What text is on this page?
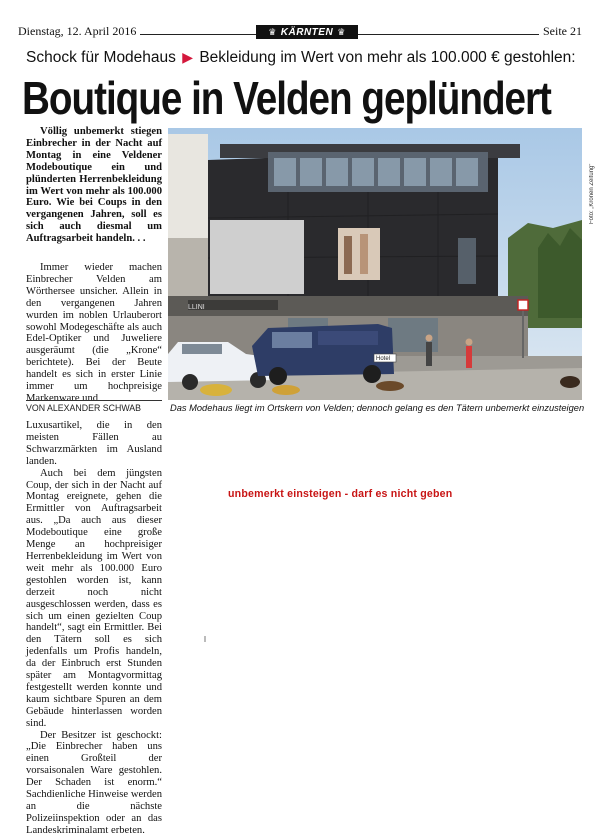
Dienstag, 12. April 2016	♛ KÄRNTEN ♛	Seite 21
Schock für Modehaus ▶ Bekleidung im Wert von mehr als 100.000 € gestohlen:
Boutique in Velden geplündert

Völlig unbemerkt stiegen Einbrecher in der Nacht auf Montag in eine Veldener Modeboutique ein und plünderten Herrenbekleidung im Wert von mehr als 100.000 Euro. Wie bei Coups in den vergangenen Jahren, soll es sich auch diesmal um Auftragsarbeit handeln. . .

Immer wieder machen Einbrecher Velden am Wörthersee unsicher. Allein in den vergangenen Jahren wurden im noblen Urlauberort sowohl Modegeschäfte als auch Edel-Optiker und Juweliere ausgeräumt (die „Krone“ berichtete). Bei der Beute handelt es sich in erster Linie immer um hochpreisige Markenware und

VON ALEXANDER SCHWAB

Luxusartikel, die in den meisten Fällen au Schwarzmärkten im Ausland landen.

Auch bei dem jüngsten Coup, der sich in der Nacht auf Montag ereignete, gehen die Ermittler von Auftragsarbeit aus. „Da auch aus dieser Modeboutique eine große Menge an hochpreisiger Herrenbekleidung im Wert von weit mehr als 100.000 Euro gestohlen worden ist, kann derzeit noch nicht ausgeschlossen werden, dass es sich um einen gezielten Coup handelt“, sagt ein Ermittler. Bei den Tätern soll es sich jedenfalls um Profis handeln, da der Einbruch erst Stunden später am Montagvormittag festgestellt werden konnte und kaum sichtbare Spuren an dem Gebäude hinterlassen worden sind.

Der Besitzer ist geschockt: „Die Einbrecher haben uns einen Großteil der vorsaisonalen Ware gestohlen. Der Schaden ist enorm.“ Sachdienliche Hinweise werden an die nächste Polizeiinspektion oder an das Landeskriminalamt erbeten.

LLINI
Hotel
Foto: „Kronen Zeitung“
Das Modehaus liegt im Ortskern von Velden; dennoch gelang es den Tätern unbemerkt einzusteigen
unbemerkt einsteigen - darf es nicht geben
